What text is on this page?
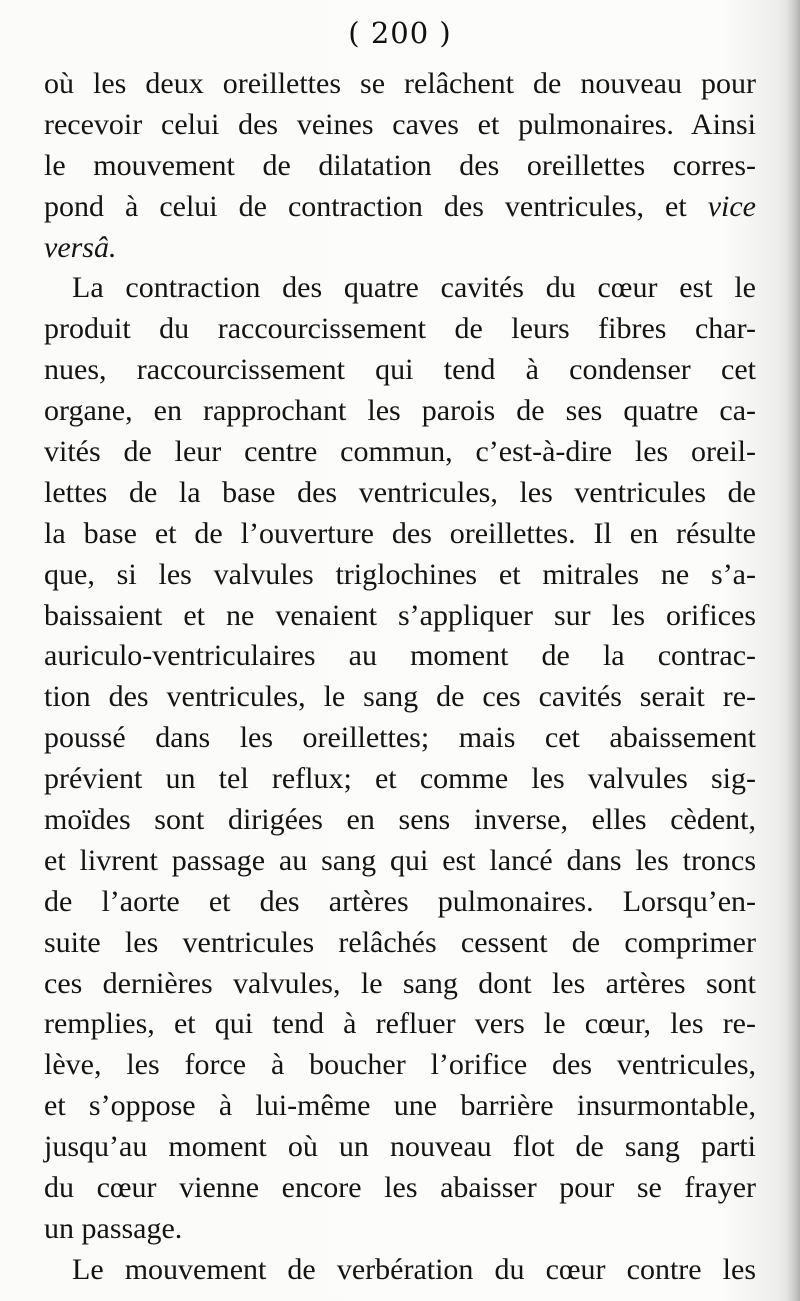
( 200 )
où les deux oreillettes se relâchent de nouveau pour
recevoir celui des veines caves et pulmonaires. Ainsi
le mouvement de dilatation des oreillettes corres-
pond à celui de contraction des ventricules, et vice
versâ.
La contraction des quatre cavités du cœur est le
produit du raccourcissement de leurs fibres char-
nues, raccourcissement qui tend à condenser cet
organe, en rapprochant les parois de ses quatre ca-
vités de leur centre commun, c’est-à-dire les oreil-
lettes de la base des ventricules, les ventricules de
la base et de l’ouverture des oreillettes. Il en résulte
que, si les valvules triglochines et mitrales ne s’a-
baissaient et ne venaient s’appliquer sur les orifices
auriculo-ventriculaires au moment de la contrac-
tion des ventricules, le sang de ces cavités serait re-
poussé dans les oreillettes; mais cet abaissement
prévient un tel reflux; et comme les valvules sig-
moïdes sont dirigées en sens inverse, elles cèdent,
et livrent passage au sang qui est lancé dans les troncs
de l’aorte et des artères pulmonaires. Lorsqu’en-
suite les ventricules relâchés cessent de comprimer
ces dernières valvules, le sang dont les artères sont
remplies, et qui tend à refluer vers le cœur, les re-
lève, les force à boucher l’orifice des ventricules,
et s’oppose à lui-même une barrière insurmontable,
jusqu’au moment où un nouveau flot de sang parti
du cœur vienne encore les abaisser pour se frayer
un passage.
Le mouvement de verbération du cœur contre les
